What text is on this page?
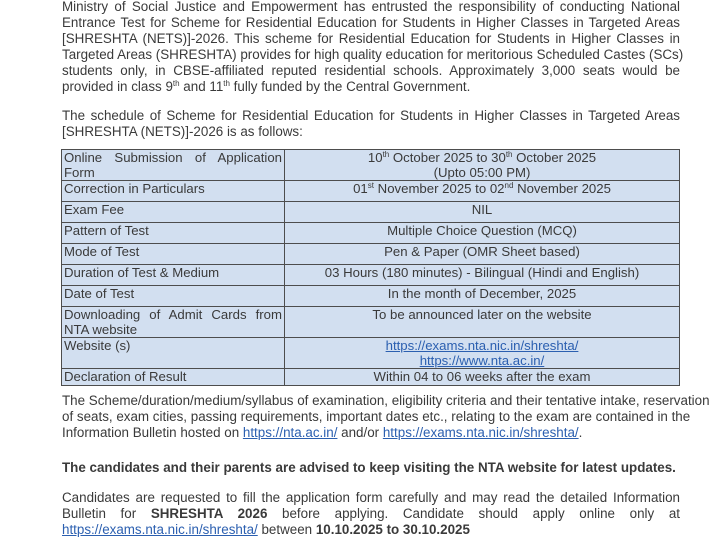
Ministry of Social Justice and Empowerment has entrusted the responsibility of conducting National
Entrance Test for Scheme for Residential Education for Students in Higher Classes in Targeted Areas
[SHRESHTA (NETS)]-2026. This scheme for Residential Education for Students in Higher Classes in
Targeted Areas (SHRESHTA) provides for high quality education for meritorious Scheduled Castes (SCs)
students only, in CBSE-affiliated reputed residential schools. Approximately 3,000 seats would be
provided in class 9th and 11th fully funded by the Central Government.
The schedule of Scheme for Residential Education for Students in Higher Classes in Targeted Areas
[SHRESHTA (NETS)]-2026 is as follows:
Online Submission of Application Form	10th October 2025 to 30th October 2025
(Upto 05:00 PM)
Correction in Particulars	01st November 2025 to 02nd November 2025
Exam Fee	NIL
Pattern of Test	Multiple Choice Question (MCQ)
Mode of Test	Pen & Paper (OMR Sheet based)
Duration of Test & Medium	03 Hours (180 minutes) - Bilingual (Hindi and English)
Date of Test	In the month of December, 2025
Downloading of Admit Cards from NTA website	To be announced later on the website
Website (s)	https://exams.nta.nic.in/shreshta/
https://www.nta.ac.in/
Declaration of Result	Within 04 to 06 weeks after the exam
The Scheme/duration/medium/syllabus of examination, eligibility criteria and their tentative intake, reservation
of seats, exam cities, passing requirements, important dates etc., relating to the exam are contained in the
Information Bulletin hosted on https://nta.ac.in/ and/or https://exams.nta.nic.in/shreshta/.
The candidates and their parents are advised to keep visiting the NTA website for latest updates.
Candidates are requested to fill the application form carefully and may read the detailed Information
Bulletin for SHRESHTA 2026 before applying. Candidate should apply online only at
https://exams.nta.nic.in/shreshta/ between 10.10.2025 to 30.10.2025
